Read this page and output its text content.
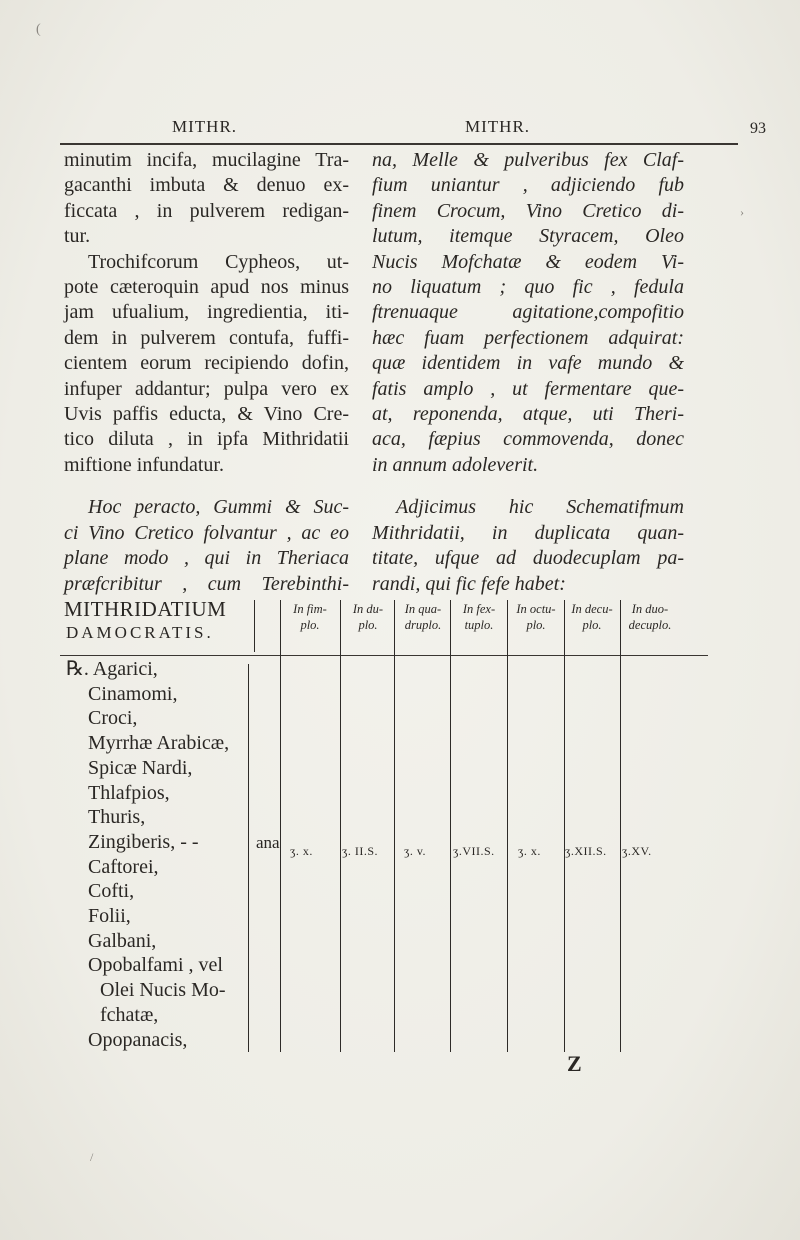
(
MITHR.	MITHR.	93

minutim incifa, mucilagine Tra-
gacanthi imbuta & denuo ex-
ficcata , in pulverem redigan-
tur.

Trochifcorum Cypheos, ut-
pote cæteroquin apud nos minus
jam ufualium, ingredientia, iti-
dem in pulverem contufa, fuffi-
cientem eorum recipiendo dofin,
infuper addantur; pulpa vero ex
Uvis paffis educta, & Vino Cre-
tico diluta , in ipfa Mithridatii
miftione infundatur.

Hoc peracto, Gummi & Suc-
ci Vino Cretico folvantur , ac eo
plane modo , qui in Theriaca
præfcribitur , cum Terebinthi-

na, Melle & pulveribus fex Claf-
fium uniantur , adjiciendo fub
finem Crocum, Vino Cretico di-
lutum, itemque Styracem, Oleo
Nucis Mofchatæ & eodem Vi-
no liquatum ; quo fic , fedula
ftrenuaque agitatione,compofitio
hæc fuam perfectionem adquirat:
quæ identidem in vafe mundo &
fatis amplo , ut fermentare que-
at, reponenda, atque, uti Theri-
aca, fæpius commovenda, donec
in annum adoleverit.

Adjicimus hic Schematifmum
Mithridatii, in duplicata quan-
titate, ufque ad duodecuplam pa-
randi, qui fic fefe habet:

MITHRIDATIUM
DAMOCRATIS.
In fim-
plo.
In du-
plo.
In qua-
druplo.
In fex-
tuplo.
In octu-
plo.
In decu-
plo.
In duo-
decuplo.
℞. Agarici,
Cinamomi,
Croci,
Myrrhæ Arabicæ,
Spicæ Nardi,
Thlafpios,
Thuris,
Zingiberis, - -
Caftorei,
Cofti,
Folii,
Galbani,
Opobalfami , vel
Olei Nucis Mo-
fchatæ,
Opopanacis,
ana ʒ. x. ʒ. II.S. ʒ. v. ʒ.VII.S. ʒ. x. ʒ.XII.S. ʒ.XV.
Z
›
/
